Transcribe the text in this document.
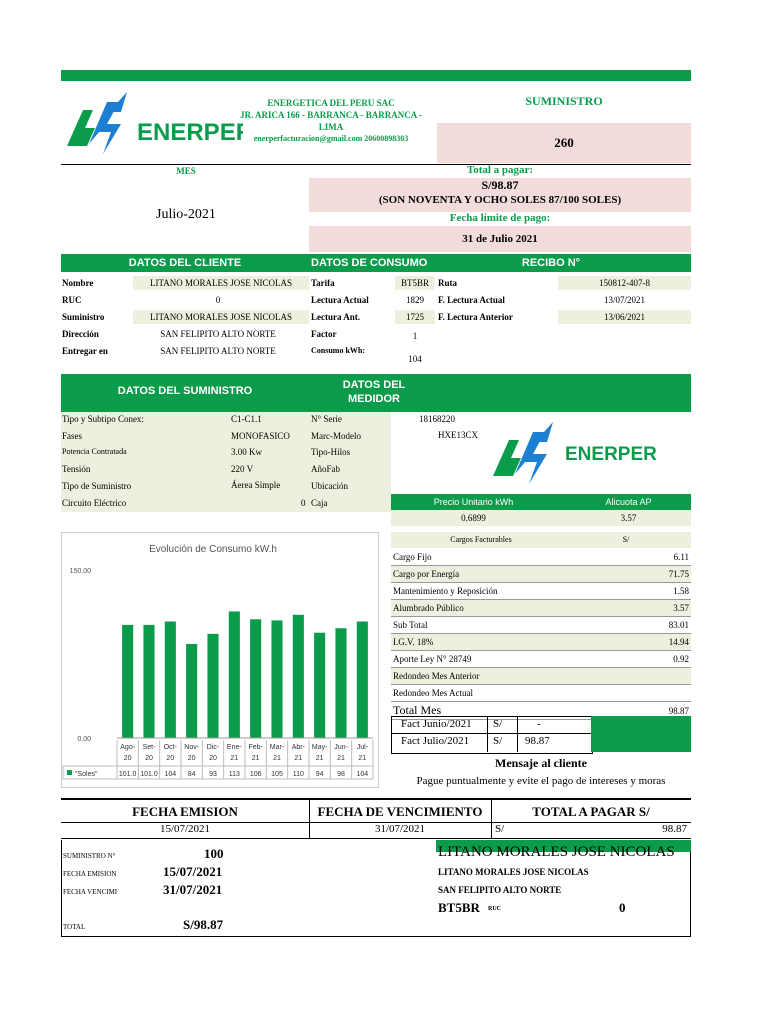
ENERPER
ENERGETICA DEL PERU SAC
JR. ARICA 166 - BARRANCA - BARRANCA -
LIMA
enerperfacturacion@gmail.com 20600898303
SUMINISTRO
260
MES
Julio-2021
Total a pagar:
S/98.87
(SON NOVENTA Y OCHO SOLES 87/100 SOLES)
Fecha límite de pago:
31 de Julio 2021
DATOS DEL CLIENTE	DATOS DE CONSUMO	RECIBO N°
Nombre	LITANO MORALES JOSE NICOLAS
RUC	0
Suministro	LITANO MORALES JOSE NICOLAS
Dirección	SAN FELIPITO ALTO NORTE
Entregar en	SAN FELIPITO ALTO NORTE
Tarifa	BT5BR
Lectura Actual	1829
Lectura Ant.	1725
Factor	1
Consumo kWh:
104
Ruta	150812-407-8
F. Lectura Actual	13/07/2021
F. Lectura Anterior	13/06/2021
DATOS DEL SUMINISTRO	DATOS DEL
MEDIDOR
Tipo y Subtipo Conex:	C1-C1.1
Fases	MONOFASICO
Potencia Contratada	3.00 Kw
Tensión	220 V
Tipo de Suministro	Áerea Simple
Circuito Eléctrico	0
N° Serie	18168220
Marc-Modelo	HXE13CX
Tipo-Hilos
AñoFab
Ubicación
Caja
ENERPER
Precio Unitario kWh	Alicuota AP
0.6899	3.57
Evolución de Consumo kW.h
150.00
0.00
Ago-
20
101.0
Set-
20
101.0
Oct-
20
104
Nov-
20
84
Dic-
20
93
Ene-
21
113
Feb-
21
106
Mar-
21
105
Abr-
21
110
May-
21
94
Jun-
21
98
Jul-
21
104
"Soles"
Cargos Facturables	S/
Cargo Fijo	6.11
Cargo por Energía	71.75
Mantenimiento y Reposición	1.58
Alumbrado Público	3.57
Sub Total	83.01
I.G.V. 18%	14.94
Aporte Ley N° 28749	0.92
Redondeo Mes Anterior
Redondeo Mes Actual
Total Mes	98.87
Fact Junio/2021 S/	-
Fact Julio/2021 S/ 98.87
Mensaje al cliente
Pague puntualmente y evite el pago de intereses y moras
FECHA EMISION	FECHA DE VENCIMIENTO	TOTAL A PAGAR S/
15/07/2021	31/07/2021	S/	98.87
SUMINISTRO N°	100
FECHA EMISION	15/07/2021
FECHA VENCIMI	31/07/2021
TOTAL	S/98.87
LITANO MORALES JOSE NICOLAS
LITANO MORALES JOSE NICOLAS
SAN FELIPITO ALTO NORTE
BT5BR RUC	0
